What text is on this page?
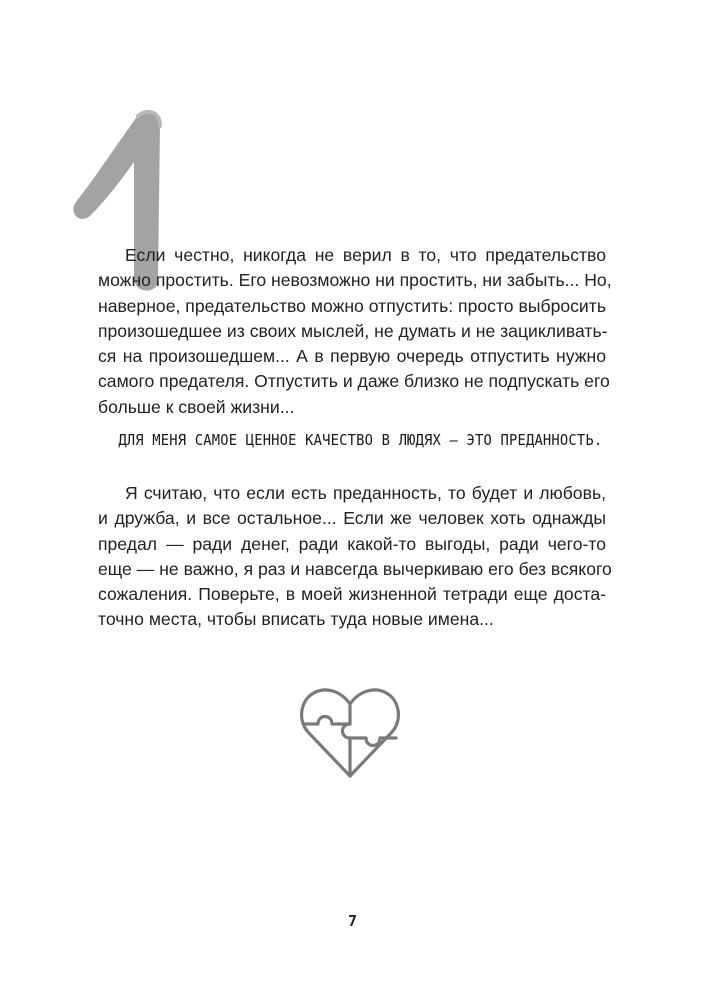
Если честно, никогда не верил в то, что предательство
можно простить. Его невозможно ни простить, ни забыть... Но,
наверное, предательство можно отпустить: просто выбросить
произошедшее из своих мыслей, не думать и не зацикливать-
ся на произошедшем... А в первую очередь отпустить нужно
самого предателя. Отпустить и даже близко не подпускать его
больше к своей жизни...

ДЛЯ МЕНЯ САМОЕ ЦЕННОЕ КАЧЕСТВО В ЛЮДЯХ — ЭТО ПРЕДАННОСТЬ.

Я считаю, что если есть преданность, то будет и любовь,
и дружба, и все остальное... Если же человек хоть однажды
предал — ради денег, ради какой-то выгоды, ради чего-то
еще — не важно, я раз и навсегда вычеркиваю его без всякого
сожаления. Поверьте, в моей жизненной тетради еще доста-
точно места, чтобы вписать туда новые имена...

7
